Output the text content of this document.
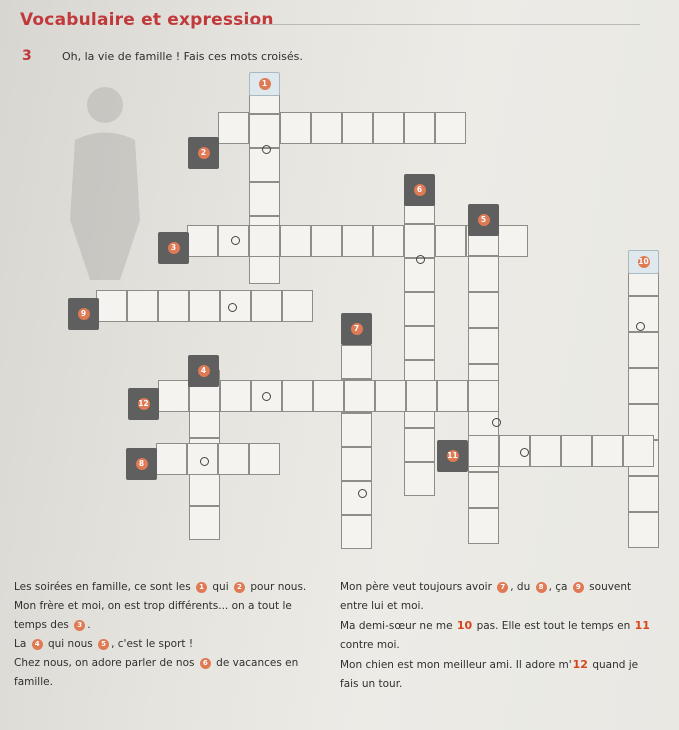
Vocabulaire et expression
3	Oh, la vie de famille ! Fais ces mots croisés.
1
2
3
4
5
6
7
8
9
10
11
12

Les soirées en famille, ce sont les 1 qui 2 pour nous.

Mon frère et moi, on est trop différents... on a tout le

temps des 3 .

La 4 qui nous 5 , c'est le sport !

Chez nous, on adore parler de nos 6 de vacances en

famille.

Mon père veut toujours avoir 7 , du 8 , ça 9 souvent

entre lui et moi.

Ma demi-sœur ne me 10 pas. Elle est tout le temps en 11

contre moi.

Mon chien est mon meilleur ami. Il adore m'12 quand je

fais un tour.
